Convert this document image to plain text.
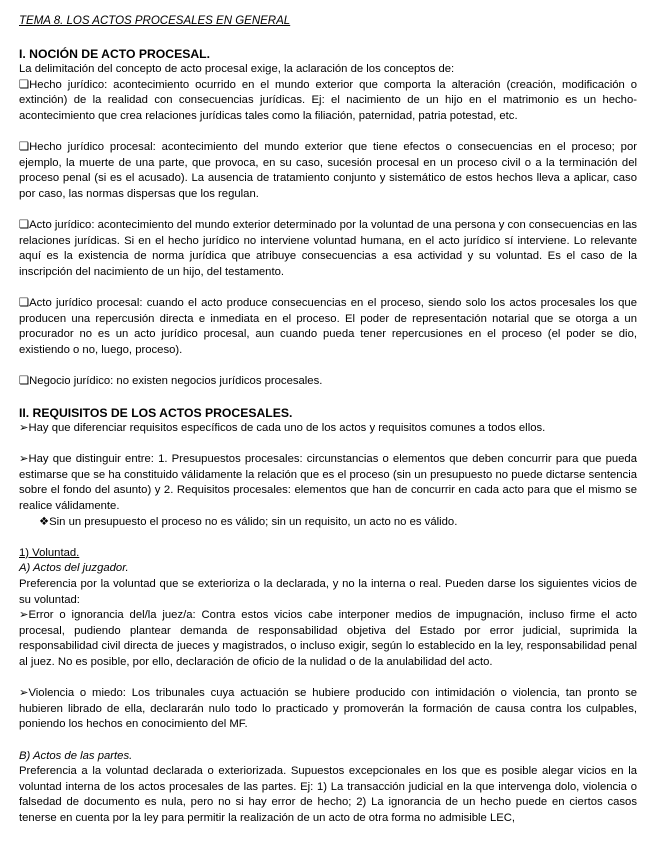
TEMA 8. LOS ACTOS PROCESALES EN GENERAL

I. NOCIÓN DE ACTO PROCESAL.

La delimitación del concepto de acto procesal exige, la aclaración de los conceptos de:

❏Hecho jurídico: acontecimiento ocurrido en el mundo exterior que comporta la alteración (creación, modificación o extinción) de la realidad con consecuencias jurídicas. Ej: el nacimiento de un hijo en el matrimonio es un hecho-acontecimiento que crea relaciones jurídicas tales como la filiación, paternidad, patria potestad, etc.

❏Hecho jurídico procesal: acontecimiento del mundo exterior que tiene efectos o consecuencias en el proceso; por ejemplo, la muerte de una parte, que provoca, en su caso, sucesión procesal en un proceso civil o a la terminación del proceso penal (si es el acusado). La ausencia de tratamiento conjunto y sistemático de estos hechos lleva a aplicar, caso por caso, las normas dispersas que los regulan.

❏Acto jurídico: acontecimiento del mundo exterior determinado por la voluntad de una persona y con consecuencias en las relaciones jurídicas. Si en el hecho jurídico no interviene voluntad humana, en el acto jurídico sí interviene. Lo relevante aquí es la existencia de norma jurídica que atribuye consecuencias a esa actividad y su voluntad. Es el caso de la inscripción del nacimiento de un hijo, del testamento.

❏Acto jurídico procesal: cuando el acto produce consecuencias en el proceso, siendo solo los actos procesales los que producen una repercusión directa e inmediata en el proceso. El poder de representación notarial que se otorga a un procurador no es un acto jurídico procesal, aun cuando pueda tener repercusiones en el proceso (el poder se dio, existiendo o no, luego, proceso).

❏Negocio jurídico: no existen negocios jurídicos procesales.

II. REQUISITOS DE LOS ACTOS PROCESALES.

➢Hay que diferenciar requisitos específicos de cada uno de los actos y requisitos comunes a todos ellos.

➢Hay que distinguir entre: 1. Presupuestos procesales: circunstancias o elementos que deben concurrir para que pueda estimarse que se ha constituido válidamente la relación que es el proceso (sin un presupuesto no puede dictarse sentencia sobre el fondo del asunto) y 2. Requisitos procesales: elementos que han de concurrir en cada acto para que el mismo se realice válidamente.

❖Sin un presupuesto el proceso no es válido; sin un requisito, un acto no es válido.

1) Voluntad.

A) Actos del juzgador.

Preferencia por la voluntad que se exterioriza o la declarada, y no la interna o real. Pueden darse los siguientes vicios de su voluntad:

➢Error o ignorancia del/la juez/a: Contra estos vicios cabe interponer medios de impugnación, incluso firme el acto procesal, pudiendo plantear demanda de responsabilidad objetiva del Estado por error judicial, suprimida la responsabilidad civil directa de jueces y magistrados, o incluso exigir, según lo establecido en la ley, responsabilidad penal al juez. No es posible, por ello, declaración de oficio de la nulidad o de la anulabilidad del acto.

➢Violencia o miedo: Los tribunales cuya actuación se hubiere producido con intimidación o violencia, tan pronto se hubieren librado de ella, declararán nulo todo lo practicado y promoverán la formación de causa contra los culpables, poniendo los hechos en conocimiento del MF.

B) Actos de las partes.

Preferencia a la voluntad declarada o exteriorizada. Supuestos excepcionales en los que es posible alegar vicios en la voluntad interna de los actos procesales de las partes. Ej: 1) La transacción judicial en la que intervenga dolo, violencia o falsedad de documento es nula, pero no si hay error de hecho; 2) La ignorancia de un hecho puede en ciertos casos tenerse en cuenta por la ley para permitir la realización de un acto de otra forma no admisible LEC,
